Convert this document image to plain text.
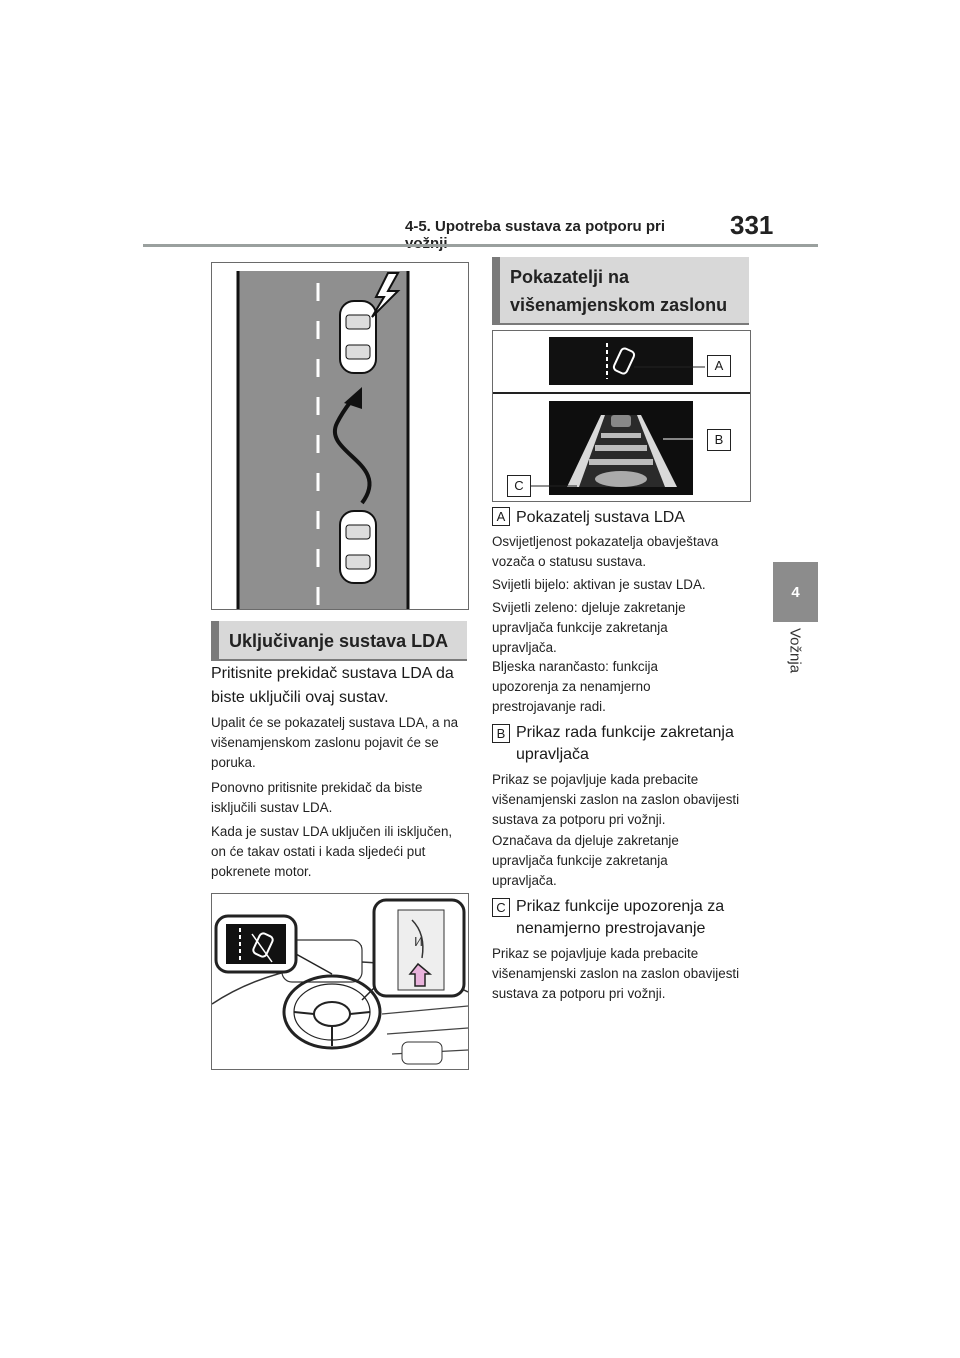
4-5. Upotreba sustava za potporu pri	331
4
Vožnja
Uključivanje sustava LDA
Pritisnite prekidač sustava LDA da biste uključili ovaj sustav.
Upalit će se pokazatelj sustava LDA, a na višenamjenskom zaslonu pojavit će se poruka.
Ponovno pritisnite prekidač da biste isključili sustav LDA.
Kada je sustav LDA uključen ili isključen, on će takav ostati i kada sljedeći put pokrenete motor.
I⁄I
Pokazatelji na višenamjenskom zaslonu
A
B
C
A Pokazatelj sustava LDA
Osvijetljenost pokazatelja obavještava vozača o statusu sustava.
Svijetli bijelo: aktivan je sustav LDA.
Svijetli zeleno: djeluje zakretanje upravljača funkcije zakretanja upravljača.
Bljeska narančasto: funkcija upozorenja za nenamjerno prestrojavanje radi.
B Prikaz rada funkcije zakretanja upravljača
Prikaz se pojavljuje kada prebacite višenamjenski zaslon na zaslon obavijesti sustava za potporu pri vožnji.
Označava da djeluje zakretanje upravljača funkcije zakretanja upravljača.
C Prikaz funkcije upozorenja za nenamjerno prestrojavanje
Prikaz se pojavljuje kada prebacite višenamjenski zaslon na zaslon obavijesti sustava za potporu pri vožnji.
